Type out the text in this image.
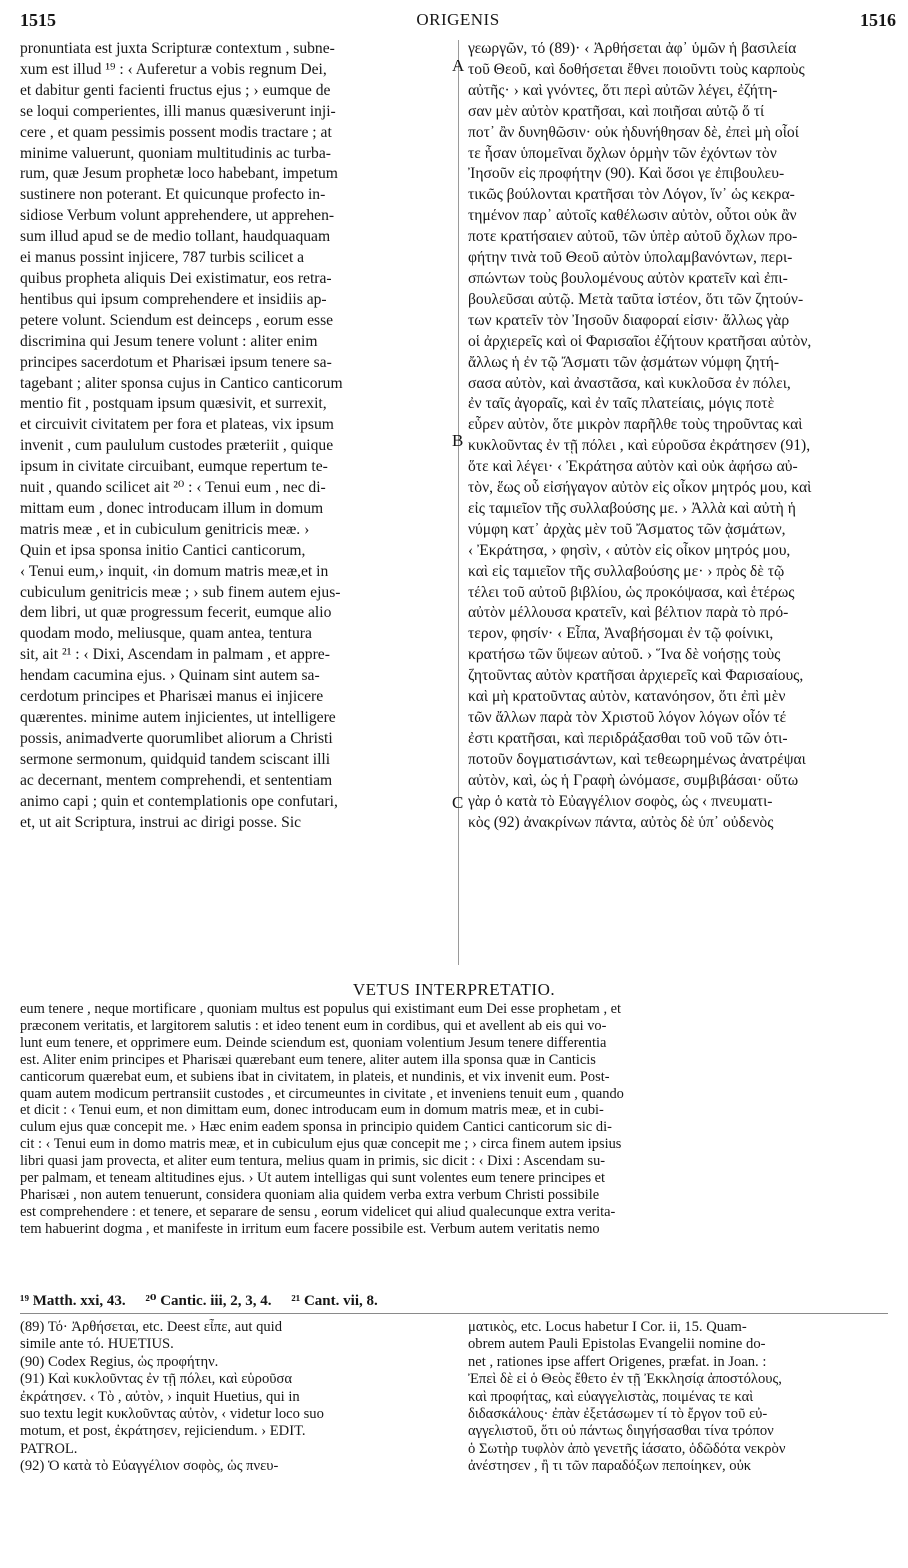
1515	ORIGENIS	1516

pronuntiata est juxta Scripturæ contextum , subne-

xum est illud ¹⁹ : ‹ Auferetur a vobis regnum Dei,

et dabitur genti facienti fructus ejus ; › eumque de

se loqui comperientes, illi manus quæsiverunt inji-

cere , et quam pessimis possent modis tractare ; at

minime valuerunt, quoniam multitudinis ac turba-

rum, quæ Jesum prophetæ loco habebant, impetum

sustinere non poterant. Et quicunque profecto in-

sidiose Verbum volunt apprehendere, ut apprehen-

sum illud apud se de medio tollant, haudquaquam

ei manus possint injicere, 787 turbis scilicet a

quibus propheta aliquis Dei existimatur, eos retra-

hentibus qui ipsum comprehendere et insidiis ap-

petere volunt. Sciendum est deinceps , eorum esse

discrimina qui Jesum tenere volunt : aliter enim

principes sacerdotum et Pharisæi ipsum tenere sa-

tagebant ; aliter sponsa cujus in Cantico canticorum

mentio fit , postquam ipsum quæsivit, et surrexit,

et circuivit civitatem per fora et plateas, vix ipsum

invenit , cum paululum custodes præteriit , quique

ipsum in civitate circuibant, eumque repertum te-

nuit , quando scilicet ait ²⁰ : ‹ Tenui eum , nec di-

mittam eum , donec introducam illum in domum

matris meæ , et in cubiculum genitricis meæ. ›

Quin et ipsa sponsa initio Cantici canticorum,

‹ Tenui eum,› inquit, ‹in domum matris meæ,et in

cubiculum genitricis meæ ; › sub finem autem ejus-

dem libri, ut quæ progressum fecerit, eumque alio

quodam modo, meliusque, quam antea, tentura

sit, ait ²¹ : ‹ Dixi, Ascendam in palmam , et appre-

hendam cacumina ejus. › Quinam sint autem sa-

cerdotum principes et Pharisæi manus ei injicere

quærentes. minime autem injicientes, ut intelligere

possis, animadverte quorumlibet aliorum a Christi

sermone sermonum, quidquid tandem sciscant illi

ac decernant, mentem comprehendi, et sententiam

animo capi ; quin et contemplationis ope confutari,

et, ut ait Scriptura, instrui ac dirigi posse. Sic

γεωργῶν, τό (89)· ‹ Ἀρθήσεται ἀφ᾽ ὑμῶν ἡ βασιλεία

τοῦ Θεοῦ, καὶ δοθήσεται ἔθνει ποιοῦντι τοὺς καρποὺς

αὐτῆς· › καὶ γνόντες, ὅτι περὶ αὐτῶν λέγει, ἐζήτη-

σαν μὲν αὐτὸν κρατῆσαι, καὶ ποιῆσαι αὐτῷ ὅ τί

ποτ᾽ ἂν δυνηθῶσιν· οὐκ ἠδυνήθησαν δὲ, ἐπεὶ μὴ οἷοί

τε ἦσαν ὑπομεῖναι ὄχλων ὁρμὴν τῶν ἐχόντων τὸν

Ἰησοῦν εἰς προφήτην (90). Καὶ ὅσοι γε ἐπιβουλευ-

τικῶς βούλονται κρατῆσαι τὸν Λόγον, ἵν᾽ ὡς κεκρα-

τημένον παρ᾽ αὐτοῖς καθέλωσιν αὐτὸν, οὗτοι οὐκ ἂν

ποτε κρατήσαιεν αὐτοῦ, τῶν ὑπὲρ αὐτοῦ ὄχλων προ-

φήτην τινὰ τοῦ Θεοῦ αὐτὸν ὑπολαμβανόντων, περι-

σπώντων τοὺς βουλομένους αὐτὸν κρατεῖν καὶ ἐπι-

βουλεῦσαι αὐτῷ. Μετὰ ταῦτα ἰστέον, ὅτι τῶν ζητούν-

των κρατεῖν τὸν Ἰησοῦν διαφοραί εἰσιν· ἄλλως γὰρ

οἱ ἀρχιερεῖς καὶ οἱ Φαρισαῖοι ἐζήτουν κρατῆσαι αὐτὸν,

ἄλλως ἡ ἐν τῷ Ἄσματι τῶν ᾀσμάτων νύμφη ζητή-

σασα αὐτὸν, καὶ ἀναστᾶσα, καὶ κυκλοῦσα ἐν πόλει,

ἐν ταῖς ἀγοραῖς, καὶ ἐν ταῖς πλατείαις, μόγις ποτὲ

εὗρεν αὐτὸν, ὅτε μικρὸν παρῆλθε τοὺς τηροῦντας καὶ

κυκλοῦντας ἐν τῇ πόλει , καὶ εὑροῦσα ἐκράτησεν (91),

ὅτε καὶ λέγει· ‹ Ἐκράτησα αὐτὸν καὶ οὐκ ἀφήσω αὐ-

τὸν, ἕως οὗ εἰσήγαγον αὐτὸν εἰς οἶκον μητρός μου, καὶ

εἰς ταμιεῖον τῆς συλλαβούσης με. › Ἀλλὰ καὶ αὐτὴ ἡ

νύμφη κατ᾽ ἀρχὰς μὲν τοῦ Ἄσματος τῶν ᾀσμάτων,

‹ Ἐκράτησα, › φησὶν, ‹ αὐτὸν εἰς οἶκον μητρός μου,

καὶ εἰς ταμιεῖον τῆς συλλαβούσης με· › πρὸς δὲ τῷ

τέλει τοῦ αὐτοῦ βιβλίου, ὡς προκόψασα, καὶ ἑτέρως

αὐτὸν μέλλουσα κρατεῖν, καὶ βέλτιον παρὰ τὸ πρό-

τερον, φησίν· ‹ Εἶπα, Ἀναβήσομαι ἐν τῷ φοίνικι,

κρατήσω τῶν ὕψεων αὐτοῦ. › Ἵνα δὲ νοήσῃς τοὺς

ζητοῦντας αὐτὸν κρατῆσαι ἀρχιερεῖς καὶ Φαρισαίους,

καὶ μὴ κρατοῦντας αὐτὸν, κατανόησον, ὅτι ἐπὶ μὲν

τῶν ἄλλων παρὰ τὸν Χριστοῦ λόγον λόγων οἷόν τέ

ἐστι κρατῆσαι, καὶ περιδράξασθαι τοῦ νοῦ τῶν ὁτι-

ποτοῦν δογματισάντων, καὶ τεθεωρημένως ἀνατρέψαι

αὐτὸν, καὶ, ὡς ἡ Γραφὴ ὠνόμασε, συμβιβάσαι· οὕτω

γὰρ ὁ κατὰ τὸ Εὐαγγέλιον σοφὸς, ὡς ‹ πνευματι-

κὸς (92) ἀνακρίνων πάντα, αὐτὸς δὲ ὑπ᾽ οὐδενὸς

A
B
C
VETUS INTERPRETATIO.

eum tenere , neque mortificare , quoniam multus est populus qui existimant eum Dei esse prophetam , et

præconem veritatis, et largitorem salutis : et ideo tenent eum in cordibus, qui et avellent ab eis qui vo-

lunt eum tenere, et opprimere eum. Deinde sciendum est, quoniam volentium Jesum tenere differentia

est. Aliter enim principes et Pharisæi quærebant eum tenere, aliter autem illa sponsa quæ in Canticis

canticorum quærebat eum, et subiens ibat in civitatem, in plateis, et nundinis, et vix invenit eum. Post-

quam autem modicum pertransiit custodes , et circumeuntes in civitate , et inveniens tenuit eum , quando

et dicit : ‹ Tenui eum, et non dimittam eum, donec introducam eum in domum matris meæ, et in cubi-

culum ejus quæ concepit me. › Hæc enim eadem sponsa in principio quidem Cantici canticorum sic di-

cit : ‹ Tenui eum in domo matris meæ, et in cubiculum ejus quæ concepit me ; › circa finem autem ipsius

libri quasi jam provecta, et aliter eum tentura, melius quam in primis, sic dicit : ‹ Dixi : Ascendam su-

per palmam, et teneam altitudines ejus. › Ut autem intelligas qui sunt volentes eum tenere principes et

Pharisæi , non autem tenuerunt, considera quoniam alia quidem verba extra verbum Christi possibile

est comprehendere : et tenere, et separare de sensu , eorum videlicet qui aliud qualecunque extra verita-

tem habuerint dogma , et manifeste in irritum eum facere possibile est. Verbum autem veritatis nemo

¹⁹ Matth. xxi, 43. ²⁰ Cantic. iii, 2, 3, 4. ²¹ Cant. vii, 8.

(89) Τό· Ἀρθήσεται, etc. Deest εἶπε, aut quid

simile ante τό. HUETIUS.

(90) Codex Regius, ὡς προφήτην.

(91) Καὶ κυκλοῦντας ἐν τῇ πόλει, καὶ εὑροῦσα

ἐκράτησεν. ‹ Τὸ , αὐτὸν, › inquit Huetius, qui in

suo textu legit κυκλοῦντας αὐτὸν, ‹ videtur loco suo

motum, et post, ἐκράτησεν, rejiciendum. › EDIT.

PATROL.

(92) Ὁ κατὰ τὸ Εὐαγγέλιον σοφὸς, ὡς πνευ-

ματικὸς, etc. Locus habetur I Cor. ii, 15. Quam-

obrem autem Pauli Epistolas Evangelii nomine do-

net , rationes ipse affert Origenes, præfat. in Joan. :

Ἐπεὶ δὲ εἰ ὁ Θεὸς ἔθετο ἐν τῇ Ἐκκλησίᾳ ἀποστόλους,

καὶ προφήτας, καὶ εὐαγγελιστὰς, ποιμένας τε καὶ

διδασκάλους· ἐπὰν ἐξετάσωμεν τί τὸ ἔργον τοῦ εὐ-

αγγελιστοῦ, ὅτι οὐ πάντως διηγήσασθαι τίνα τρόπον

ὁ Σωτὴρ τυφλὸν ἀπὸ γενετῆς ἰάσατο, ὁδῶδότα νεκρὸν

ἀνέστησεν , ἢ τι τῶν παραδόξων πεποίηκεν, οὐκ
